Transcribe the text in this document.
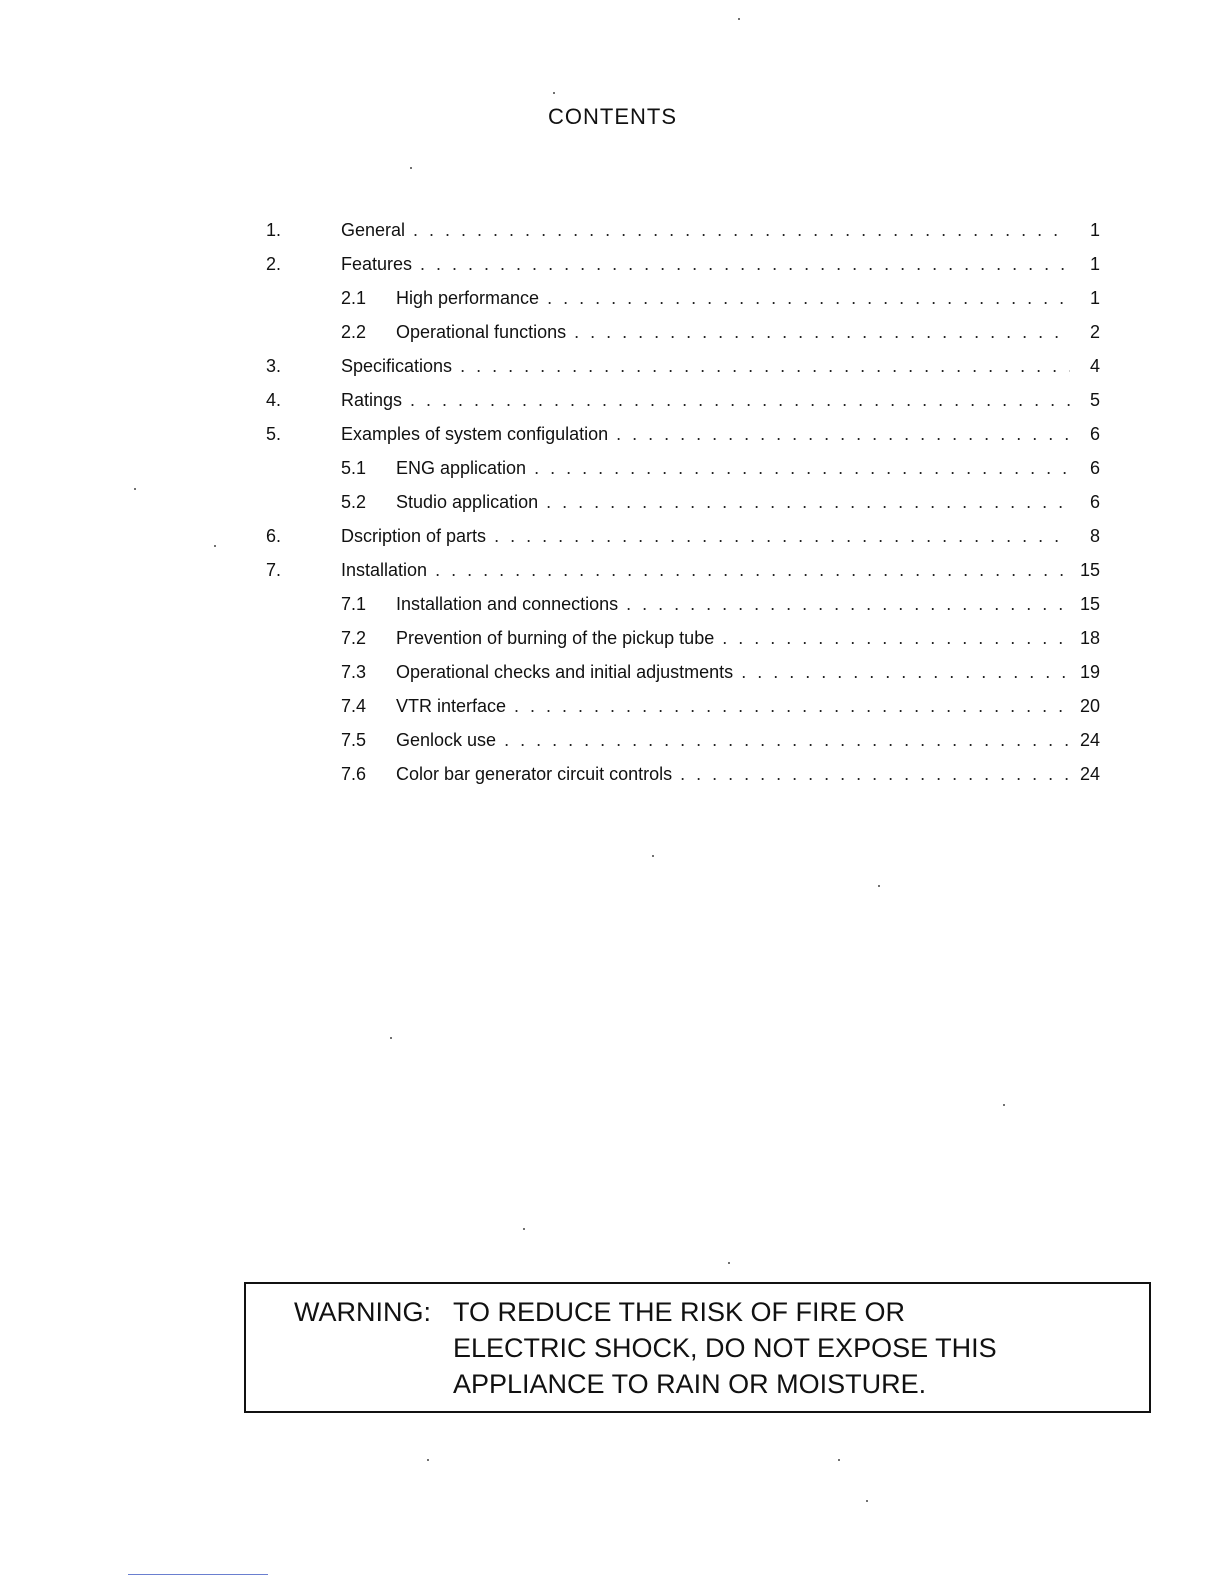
CONTENTS
1.	General . . .	1
2.	Features . . .	1
2.1 High performance . . .	1
2.2 Operational functions . . .	2
3.	Specifications . . .	4
4.	Ratings . . .	5
5.	Examples of system configulation . . .	6
5.1 ENG application . . .	6
5.2 Studio application . . .	6
6.	Dscription of parts . . .	8
7.	Installation . . .	15
7.1 Installation and connections . . .	15
7.2 Prevention of burning of the pickup tube . . .	18
7.3 Operational checks and initial adjustments . . .	19
7.4 VTR interface . . .	20
7.5 Genlock use . . .	24
7.6 Color bar generator circuit controls . . .	24
WARNING: TO REDUCE THE RISK OF FIRE OR
ELECTRIC SHOCK, DO NOT EXPOSE THIS
APPLIANCE TO RAIN OR MOISTURE.
